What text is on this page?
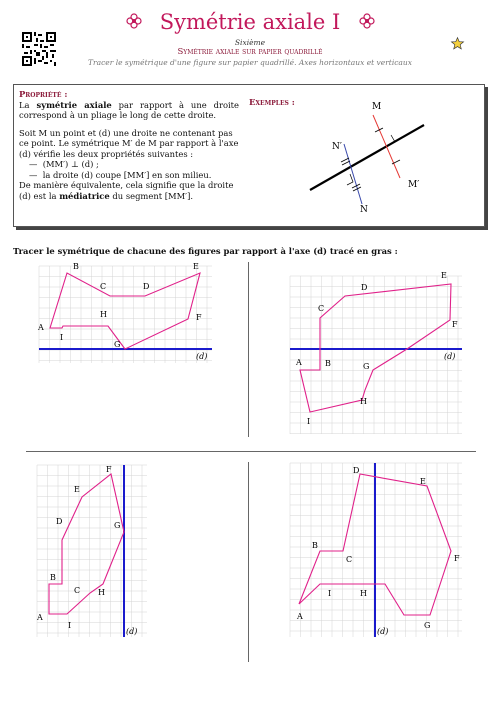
Symétrie axiale I
Sixième
Symétrie axiale sur papier quadrillé
Tracer le symétrique d'une figure sur papier quadrillé. Axes horizontaux et verticaux
Propriété :
La symétrie axiale par rapport à une droite correspond à un pliage le long de cette droite.
Soit M un point et (d) une droite ne contenant pas ce point. Le symétrique M′ de M par rapport à l'axe (d) vérifie les deux propriétés suivantes :
—  (MM′) ⊥ (d) ;
—  la droite (d) coupe [MM′] en son milieu.
De manière équivalente, cela signifie que la droite (d) est la médiatrice du segment [MM′].
Exemples :	M
M′
N′
N
Tracer le symétrique de chacune des figures par rapport à l'axe (d) tracé en gras :
A
B
C	D
E
F
G
H
I
(d)
A	B
C
D
E
F
G
H
I
(d)
A
B
C
D
E
F
G
H
I
(d)
A
B
C
D
E
F
G
H
I
(d)
